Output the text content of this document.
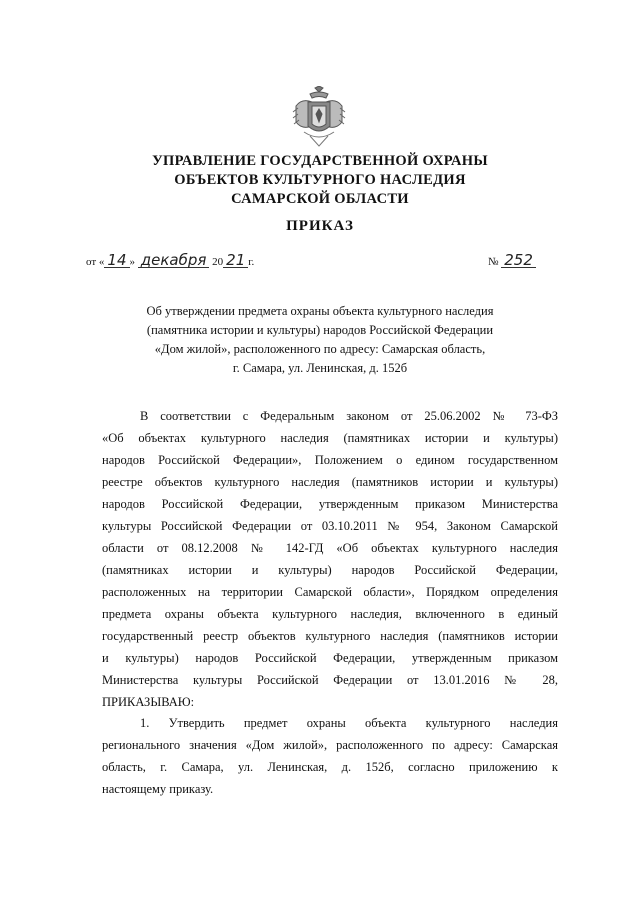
УПРАВЛЕНИЕ ГОСУДАРСТВЕННОЙ ОХРАНЫ
ОБЪЕКТОВ КУЛЬТУРНОГО НАСЛЕДИЯ
САМАРСКОЙ ОБЛАСТИ
ПРИКАЗ
от « 14 » декабря 20 21 г.	№ 252
Об утверждении предмета охраны объекта культурного наследия
(памятника истории и культуры) народов Российской Федерации
«Дом жилой», расположенного по адресу: Самарская область,
г. Самара, ул. Ленинская, д. 152б
В соответствии с Федеральным законом от 25.06.2002 № 73-ФЗ
«Об объектах культурного наследия (памятниках истории и культуры)
народов Российской Федерации», Положением о едином государственном
реестре объектов культурного наследия (памятников истории и культуры)
народов Российской Федерации, утвержденным приказом Министерства
культуры Российской Федерации от 03.10.2011 № 954, Законом Самарской
области от 08.12.2008 № 142-ГД «Об объектах культурного наследия
(памятниках истории и культуры) народов Российской Федерации,
расположенных на территории Самарской области», Порядком определения
предмета охраны объекта культурного наследия, включенного в единый
государственный реестр объектов культурного наследия (памятников истории
и культуры) народов Российской Федерации, утвержденным приказом
Министерства культуры Российской Федерации от 13.01.2016 № 28,
ПРИКАЗЫВАЮ:
1. Утвердить предмет охраны объекта культурного наследия
регионального значения «Дом жилой», расположенного по адресу: Самарская
область, г. Самара, ул. Ленинская, д. 152б, согласно приложению к
настоящему приказу.
